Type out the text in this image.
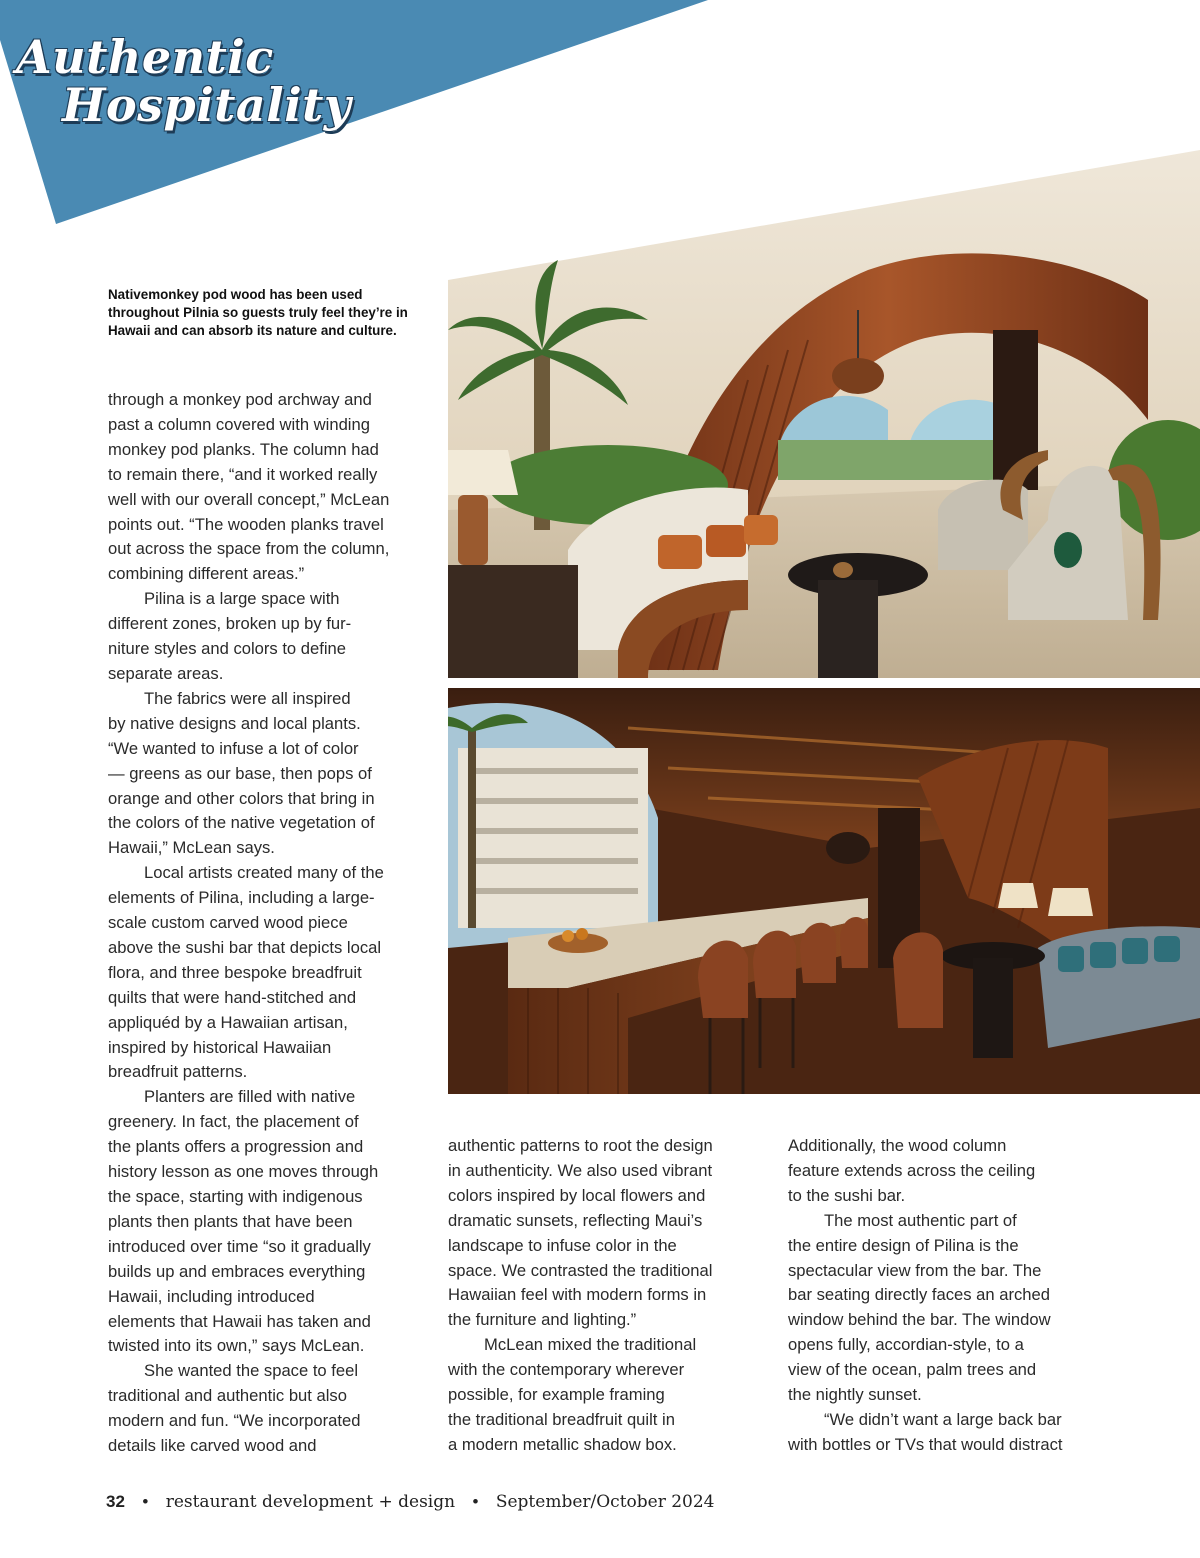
Authentic
Hospitality
Nativemonkey pod wood has been used throughout Pilnia so guests truly feel they’re in Hawaii and can absorb its nature and culture.

through a monkey pod archway and

past a column covered with winding

monkey pod planks. The column had

to remain there, “and it worked really

well with our overall concept,” McLean

points out. “The wooden planks travel

out across the space from the column,

combining different areas.”

Pilina is a large space with

different zones, broken up by fur-

niture styles and colors to define

separate areas.

The fabrics were all inspired

by native designs and local plants.

“We wanted to infuse a lot of color

— greens as our base, then pops of

orange and other colors that bring in

the colors of the native vegetation of

Hawaii,” McLean says.

Local artists created many of the

elements of Pilina, including a large-

scale custom carved wood piece

above the sushi bar that depicts local

flora, and three bespoke breadfruit

quilts that were hand-stitched and

appliquéd by a Hawaiian artisan,

inspired by historical Hawaiian

breadfruit patterns.

Planters are filled with native

greenery. In fact, the placement of

the plants offers a progression and

history lesson as one moves through

the space, starting with indigenous

plants then plants that have been

introduced over time “so it gradually

builds up and embraces everything

Hawaii, including introduced

elements that Hawaii has taken and

twisted into its own,” says McLean.

She wanted the space to feel

traditional and authentic but also

modern and fun. “We incorporated

details like carved wood and

authentic patterns to root the design

in authenticity. We also used vibrant

colors inspired by local flowers and

dramatic sunsets, reflecting Maui’s

landscape to infuse color in the

space. We contrasted the traditional

Hawaiian feel with modern forms in

the furniture and lighting.”

McLean mixed the traditional

with the contemporary wherever

possible, for example framing

the traditional breadfruit quilt in

a modern metallic shadow box.

Additionally, the wood column

feature extends across the ceiling

to the sushi bar.

The most authentic part of

the entire design of Pilina is the

spectacular view from the bar. The

bar seating directly faces an arched

window behind the bar. The window

opens fully, accordian-style, to a

view of the ocean, palm trees and

the nightly sunset.

“We didn’t want a large back bar

with bottles or TVs that would distract

32 • restaurant development + design • September/October 2024
